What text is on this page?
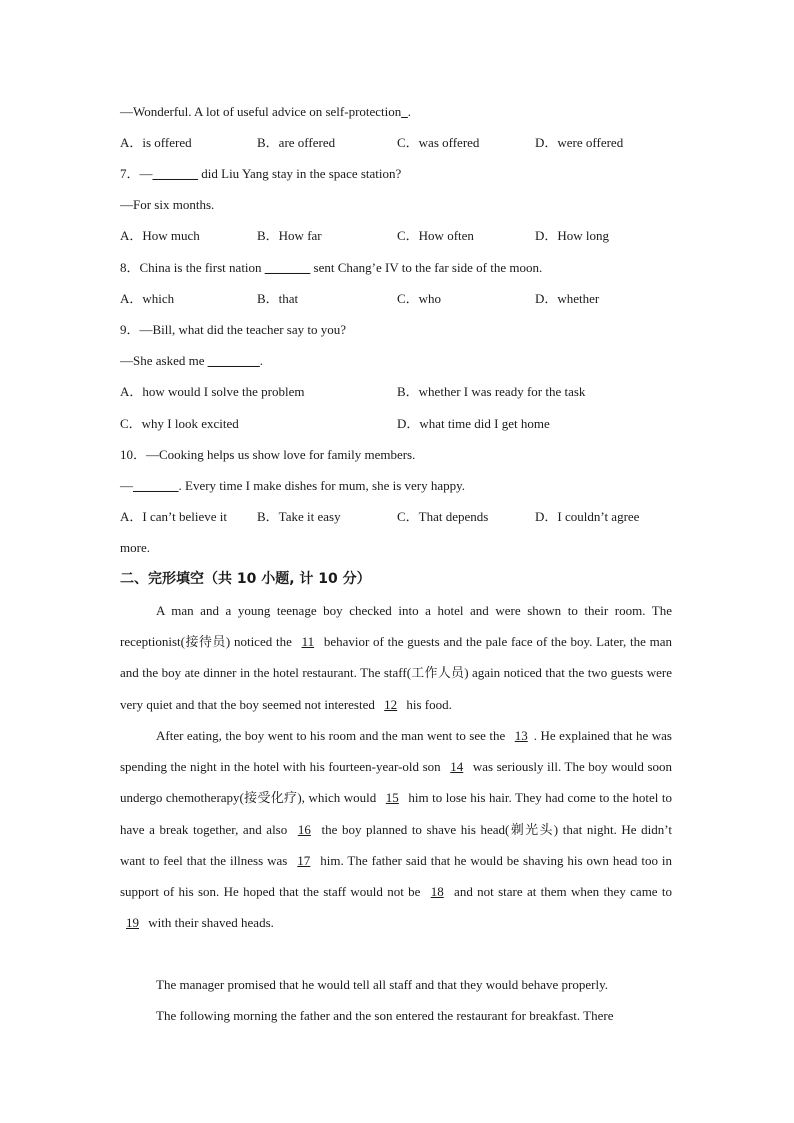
—Wonderful. A lot of useful advice on self-protection_.
A．is offered	B．are offered	C．was offered	D．were offered
7．—_______ did Liu Yang stay in the space station?
—For six months.
A．How much	B．How far	C．How often	D．How long
8．China is the first nation _______ sent Chang’e IV to the far side of the moon.
A．which	B．that	C．who	D．whether
9．—Bill, what did the teacher say to you?
—She asked me ________.
A．how would I solve the problem	B．whether I was ready for the task
C．why I look excited	D．what time did I get home
10．—Cooking helps us show love for family members.
—_______. Every time I make dishes for mum, she is very happy.
A．I can’t believe it B．Take it easy	C．That depends	D．I couldn’t agree
more.
二、完形填空（共 10 小题, 计 10 分）
A man and a young teenage boy checked into a hotel and were shown to their room. The receptionist(接待员) noticed the 11 behavior of the guests and the pale face of the boy. Later, the man and the boy ate dinner in the hotel restaurant. The staff(工作人员) again noticed that the two guests were very quiet and that the boy seemed not interested 12 his food.
After eating, the boy went to his room and the man went to see the 13 . He explained that he was spending the night in the hotel with his fourteen-year-old son 14 was seriously ill. The boy would soon undergo chemotherapy(接受化疗), which would 15 him to lose his hair. They had come to the hotel to have a break together, and also 16 the boy planned to shave his head(剃光头) that night. He didn’t want to feel that the illness was 17 him. The father said that he would be shaving his own head too in support of his son. He hoped that the staff would not be 18 and not stare at them when they came to 19 with their shaved heads.
The manager promised that he would tell all staff and that they would behave properly.
The following morning the father and the son entered the restaurant for breakfast. There
